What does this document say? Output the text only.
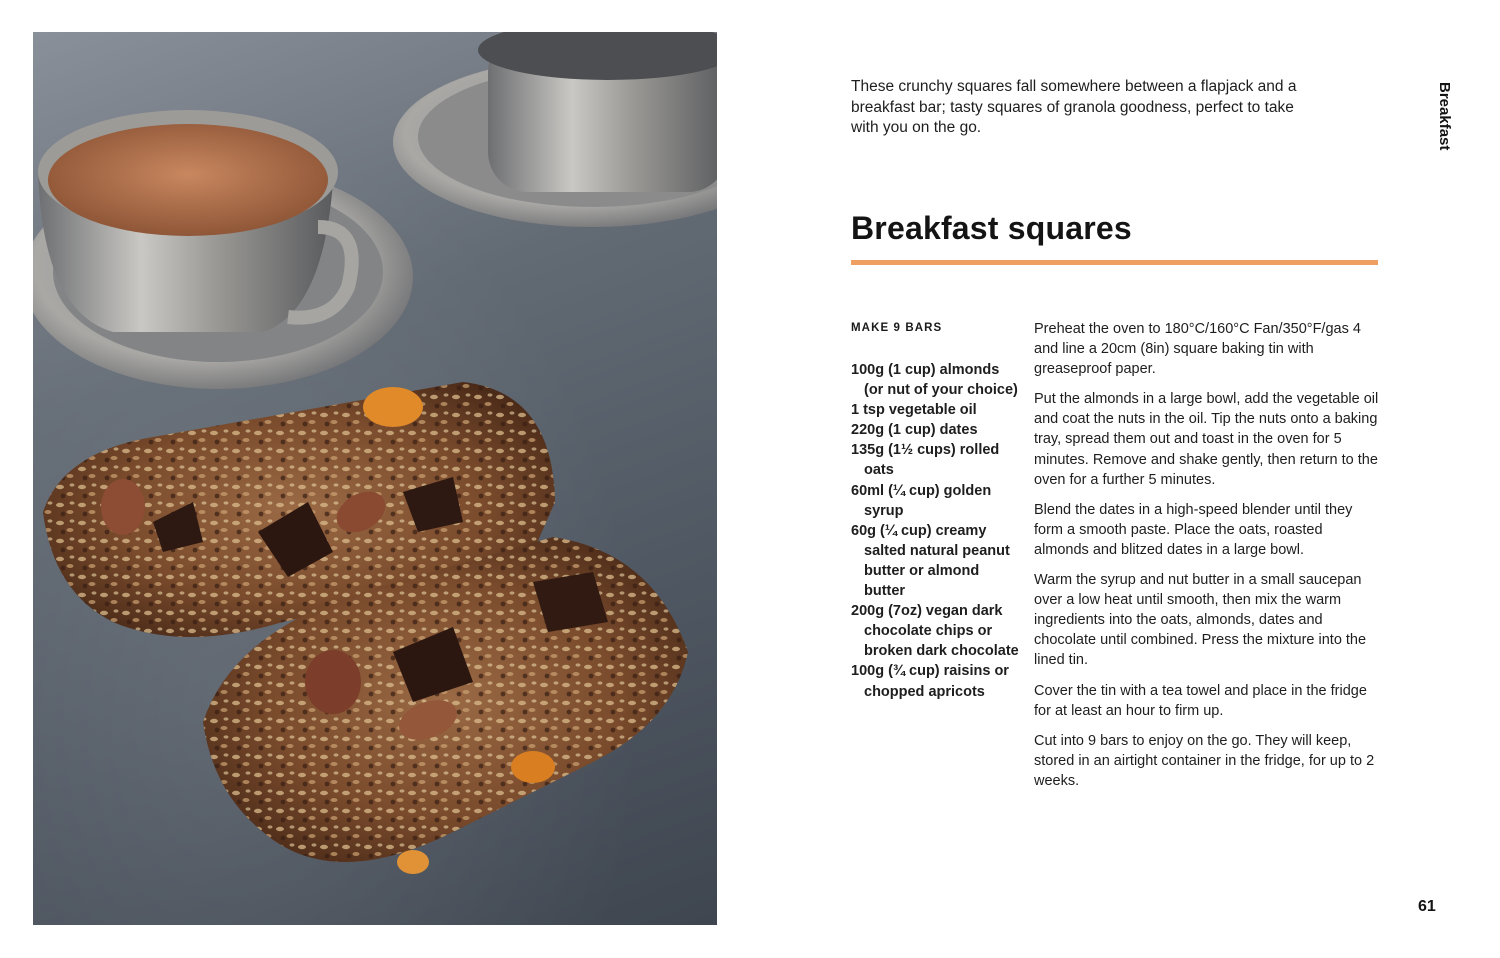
These crunchy squares fall somewhere between a flapjack and a breakfast bar; tasty squares of granola goodness, perfect to take with you on the go.	Breakfast
Breakfast squares
MAKE 9 BARS
100g (1 cup) almonds (or nut of your choice)
1 tsp vegetable oil
220g (1 cup) dates
135g (1½ cups) rolled oats
60ml (¼ cup) golden syrup
60g (¼ cup) creamy salted natural peanut butter or almond butter
200g (7oz) vegan dark chocolate chips or broken dark chocolate
100g (¾ cup) raisins or chopped apricots

Preheat the oven to 180°C/160°C Fan/350°F/gas 4 and line a 20cm (8in) square baking tin with greaseproof paper.

Put the almonds in a large bowl, add the vegetable oil and coat the nuts in the oil. Tip the nuts onto a baking tray, spread them out and toast in the oven for 5 minutes. Remove and shake gently, then return to the oven for a further 5 minutes.

Blend the dates in a high-speed blender until they form a smooth paste. Place the oats, roasted almonds and blitzed dates in a large bowl.

Warm the syrup and nut butter in a small saucepan over a low heat until smooth, then mix the warm ingredients into the oats, almonds, dates and chocolate until combined. Press the mixture into the lined tin.

Cover the tin with a tea towel and place in the fridge for at least an hour to firm up.

Cut into 9 bars to enjoy on the go. They will keep, stored in an airtight container in the fridge, for up to 2 weeks.

61
